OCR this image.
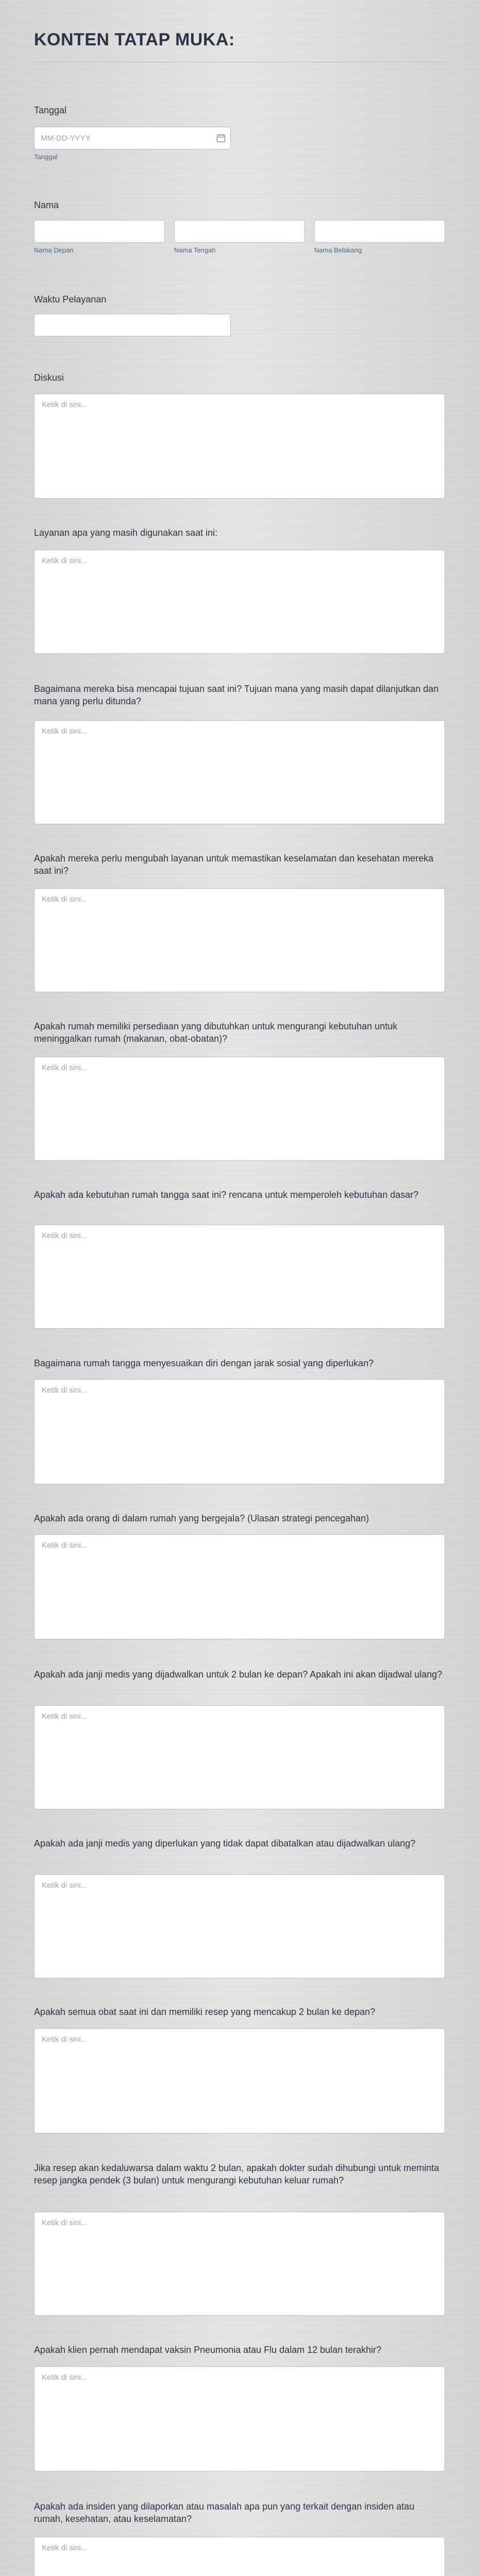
KONTEN TATAP MUKA:
Tanggal
MM-DD-YYYY
Tanggal
Nama
Nama Depan	Nama Tengah	Nama Belakang
Waktu Pelayanan
Diskusi
Ketik di sini...
Layanan apa yang masih digunakan saat ini:
Ketik di sini...
Bagaimana mereka bisa mencapai tujuan saat ini? Tujuan mana yang masih dapat dilanjutkan dan mana yang perlu ditunda?
Ketik di sini...
Apakah mereka perlu mengubah layanan untuk memastikan keselamatan dan kesehatan mereka saat ini?
Ketik di sini...
Apakah rumah memiliki persediaan yang dibutuhkan untuk mengurangi kebutuhan untuk meninggalkan rumah (makanan, obat-obatan)?
Ketik di sini...
Apakah ada kebutuhan rumah tangga saat ini? rencana untuk memperoleh kebutuhan dasar?
Ketik di sini...
Bagaimana rumah tangga menyesuaikan diri dengan jarak sosial yang diperlukan?
Ketik di sini...
Apakah ada orang di dalam rumah yang bergejala? (Ulasan strategi pencegahan)
Ketik di sini...
Apakah ada janji medis yang dijadwalkan untuk 2 bulan ke depan? Apakah ini akan dijadwal ulang?
Ketik di sini...
Apakah ada janji medis yang diperlukan yang tidak dapat dibatalkan atau dijadwalkan ulang?
Ketik di sini...
Apakah semua obat saat ini dan memiliki resep yang mencakup 2 bulan ke depan?
Ketik di sini...
Jika resep akan kedaluwarsa dalam waktu 2 bulan, apakah dokter sudah dihubungi untuk meminta resep jangka pendek (3 bulan) untuk mengurangi kebutuhan keluar rumah?
Ketik di sini...
Apakah klien pernah mendapat vaksin Pneumonia atau Flu dalam 12 bulan terakhir?
Ketik di sini...
Apakah ada insiden yang dilaporkan atau masalah apa pun yang terkait dengan insiden atau rumah, kesehatan, atau keselamatan?
Ketik di sini...
